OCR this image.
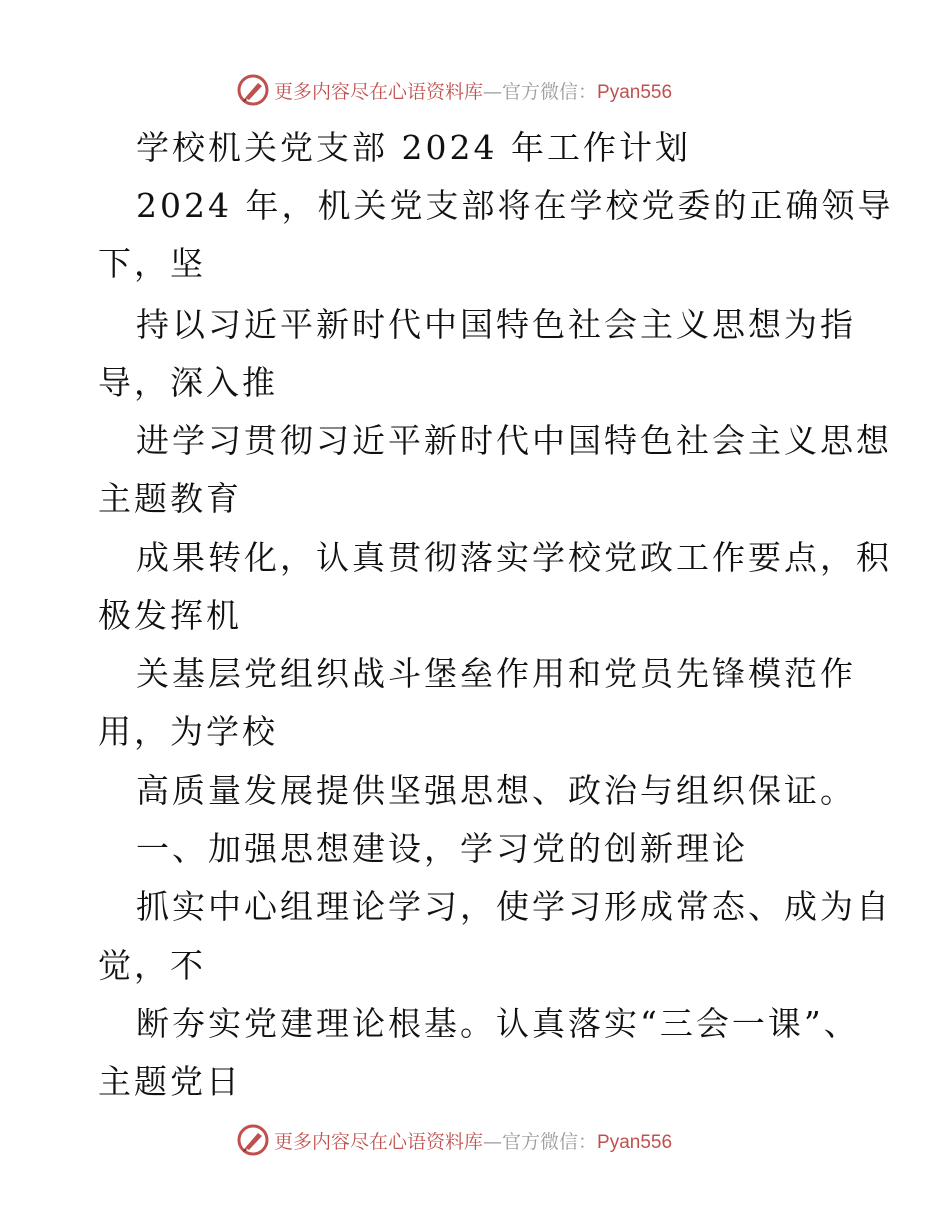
更多内容尽在心语资料库—官方微信：Pyan556
学校机关党支部 2024 年工作计划
2024 年，机关党支部将在学校党委的正确领导
下，坚
持以习近平新时代中国特色社会主义思想为指
导，深入推
进学习贯彻习近平新时代中国特色社会主义思想
主题教育
成果转化，认真贯彻落实学校党政工作要点，积
极发挥机
关基层党组织战斗堡垒作用和党员先锋模范作
用，为学校
高质量发展提供坚强思想、政治与组织保证。
一、加强思想建设，学习党的创新理论
抓实中心组理论学习，使学习形成常态、成为自
觉，不
断夯实党建理论根基。认真落实“三会一课”、
主题党日
更多内容尽在心语资料库—官方微信：Pyan556
